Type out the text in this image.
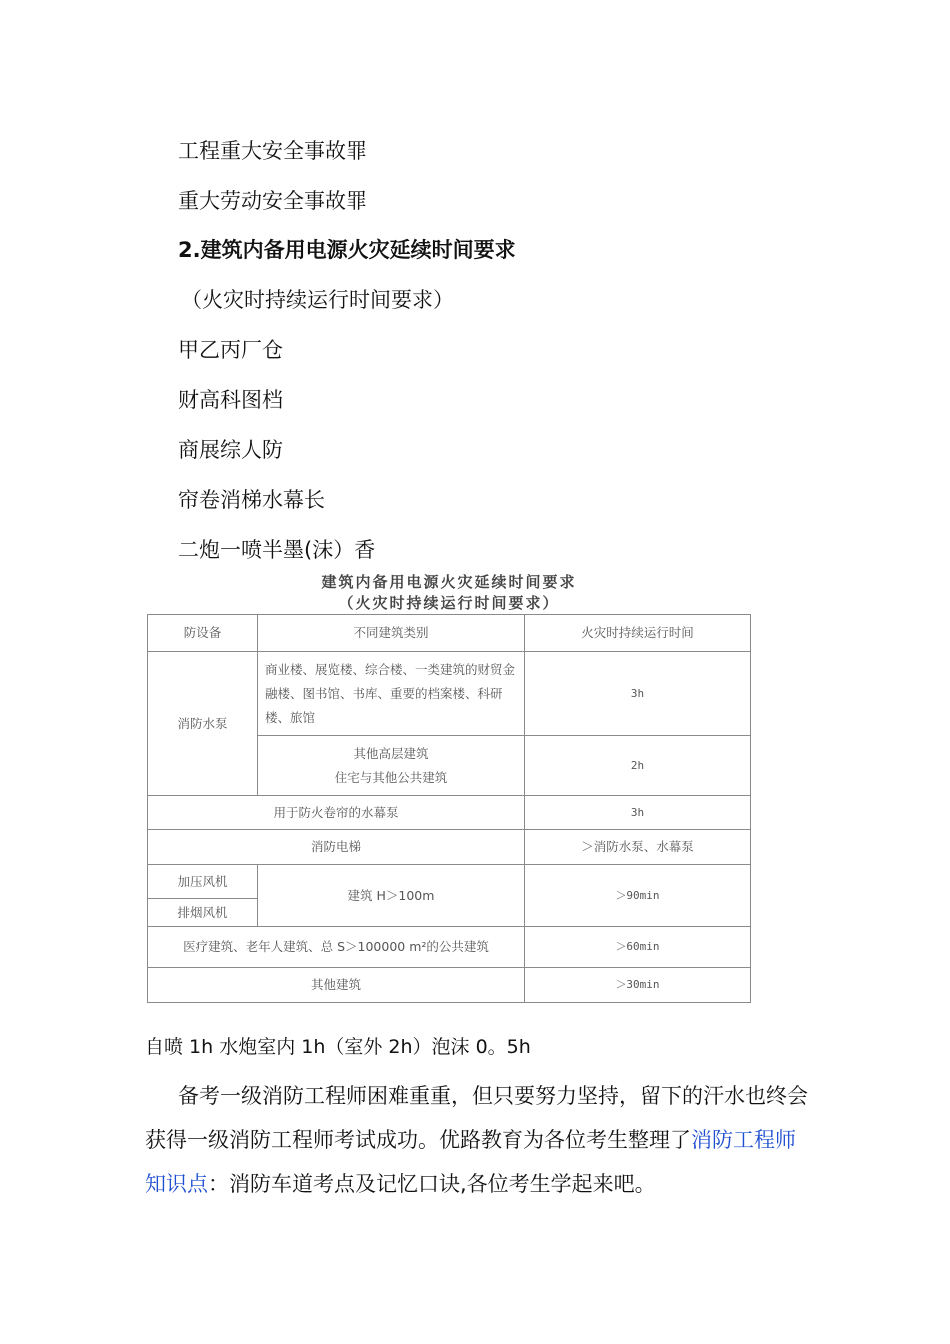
工程重大安全事故罪
重大劳动安全事故罪
2.建筑内备用电源火灾延续时间要求
（火灾时持续运行时间要求）
甲乙丙厂仓
财高科图档
商展综人防
帘卷消梯水幕长
二炮一喷半墨(沫）香
建筑内备用电源火灾延续时间要求
（火灾时持续运行时间要求）
防设备	不同建筑类别	火灾时持续运行时间
消防水泵	商业楼、展览楼、综合楼、一类建筑的财贸金融楼、图书馆、书库、重要的档案楼、科研楼、旅馆	3h

	其他高层建筑
住宅与其他公共建筑	2h
用于防火卷帘的水幕泵		3h
消防电梯		＞消防水泵、水幕泵
加压风机	建筑 H＞100m	＞90min
排烟风机		
医疗建筑、老年人建筑、总 S＞100000 m²的公共建筑		＞60min
其他建筑		＞30min
自喷 1h 水炮室内 1h（室外 2h）泡沫 0。5h
备考一级消防工程师困难重重，但只要努力坚持，留下的汗水也终会获得一级消防工程师考试成功。优路教育为各位考生整理了消防工程师知识点：消防车道考点及记忆口诀,各位考生学起来吧。
